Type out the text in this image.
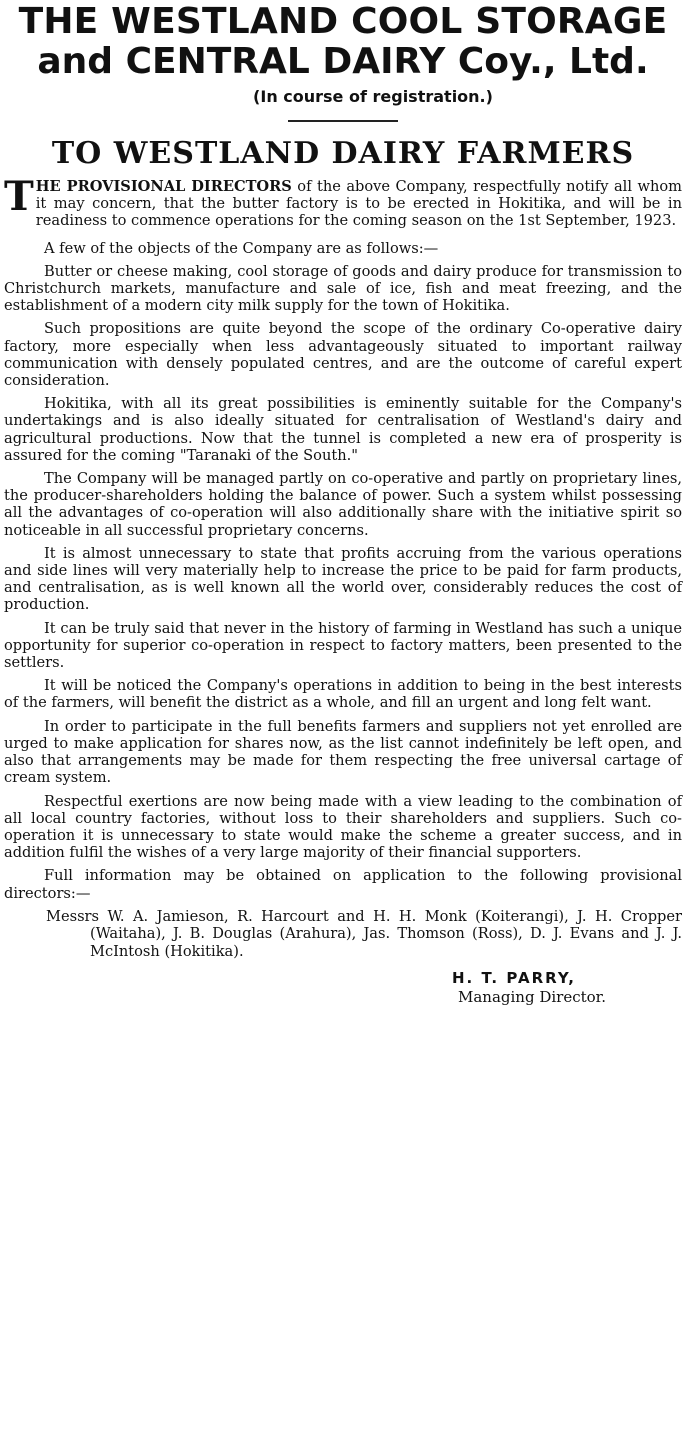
THE WESTLAND COOL STORAGE
and CENTRAL DAIRY Coy., Ltd.
(In course of registration.)
TO WESTLAND DAIRY FARMERS

THE PROVISIONAL DIRECTORS of the above Company, respectfully notify all whom it may concern, that the butter factory is to be erected in Hokitika, and will be in readiness to commence operations for the coming season on the 1st September, 1923.

A few of the objects of the Company are as follows:—

Butter or cheese making, cool storage of goods and dairy produce for transmission to Christchurch markets, manufacture and sale of ice, fish and meat freezing, and the establishment of a modern city milk supply for the town of Hokitika.

Such propositions are quite beyond the scope of the ordinary Co-operative dairy factory, more especially when less advantageously situated to important railway communication with densely populated centres, and are the outcome of careful expert consideration.

Hokitika, with all its great possibilities is eminently suitable for the Company's undertakings and is also ideally situated for centralisation of Westland's dairy and agricultural productions. Now that the tunnel is completed a new era of prosperity is assured for the coming "Taranaki of the South."

The Company will be managed partly on co-operative and partly on proprietary lines, the producer-shareholders holding the balance of power. Such a system whilst possessing all the advantages of co-operation will also additionally share with the initiative spirit so noticeable in all successful proprietary concerns.

It is almost unnecessary to state that profits accruing from the various operations and side lines will very materially help to increase the price to be paid for farm products, and centralisation, as is well known all the world over, considerably reduces the cost of production.

It can be truly said that never in the history of farming in Westland has such a unique opportunity for superior co-operation in respect to factory matters, been presented to the settlers.

It will be noticed the Company's operations in addition to being in the best interests of the farmers, will benefit the district as a whole, and fill an urgent and long felt want.

In order to participate in the full benefits farmers and suppliers not yet enrolled are urged to make application for shares now, as the list cannot indefinitely be left open, and also that arrangements may be made for them respecting the free universal cartage of cream system.

Respectful exertions are now being made with a view leading to the combination of all local country factories, without loss to their shareholders and suppliers. Such co-operation it is unnecessary to state would make the scheme a greater success, and in addition fulfil the wishes of a very large majority of their financial supporters.

Full information may be obtained on application to the following provisional directors:—

Messrs W. A. Jamieson, R. Harcourt and H. H. Monk (Koiterangi), J. H. Cropper (Waitaha), J. B. Douglas (Arahura), Jas. Thomson (Ross), D. J. Evans and J. J. McIntosh (Hokitika).
H. T. PARRY,
Managing Director.
